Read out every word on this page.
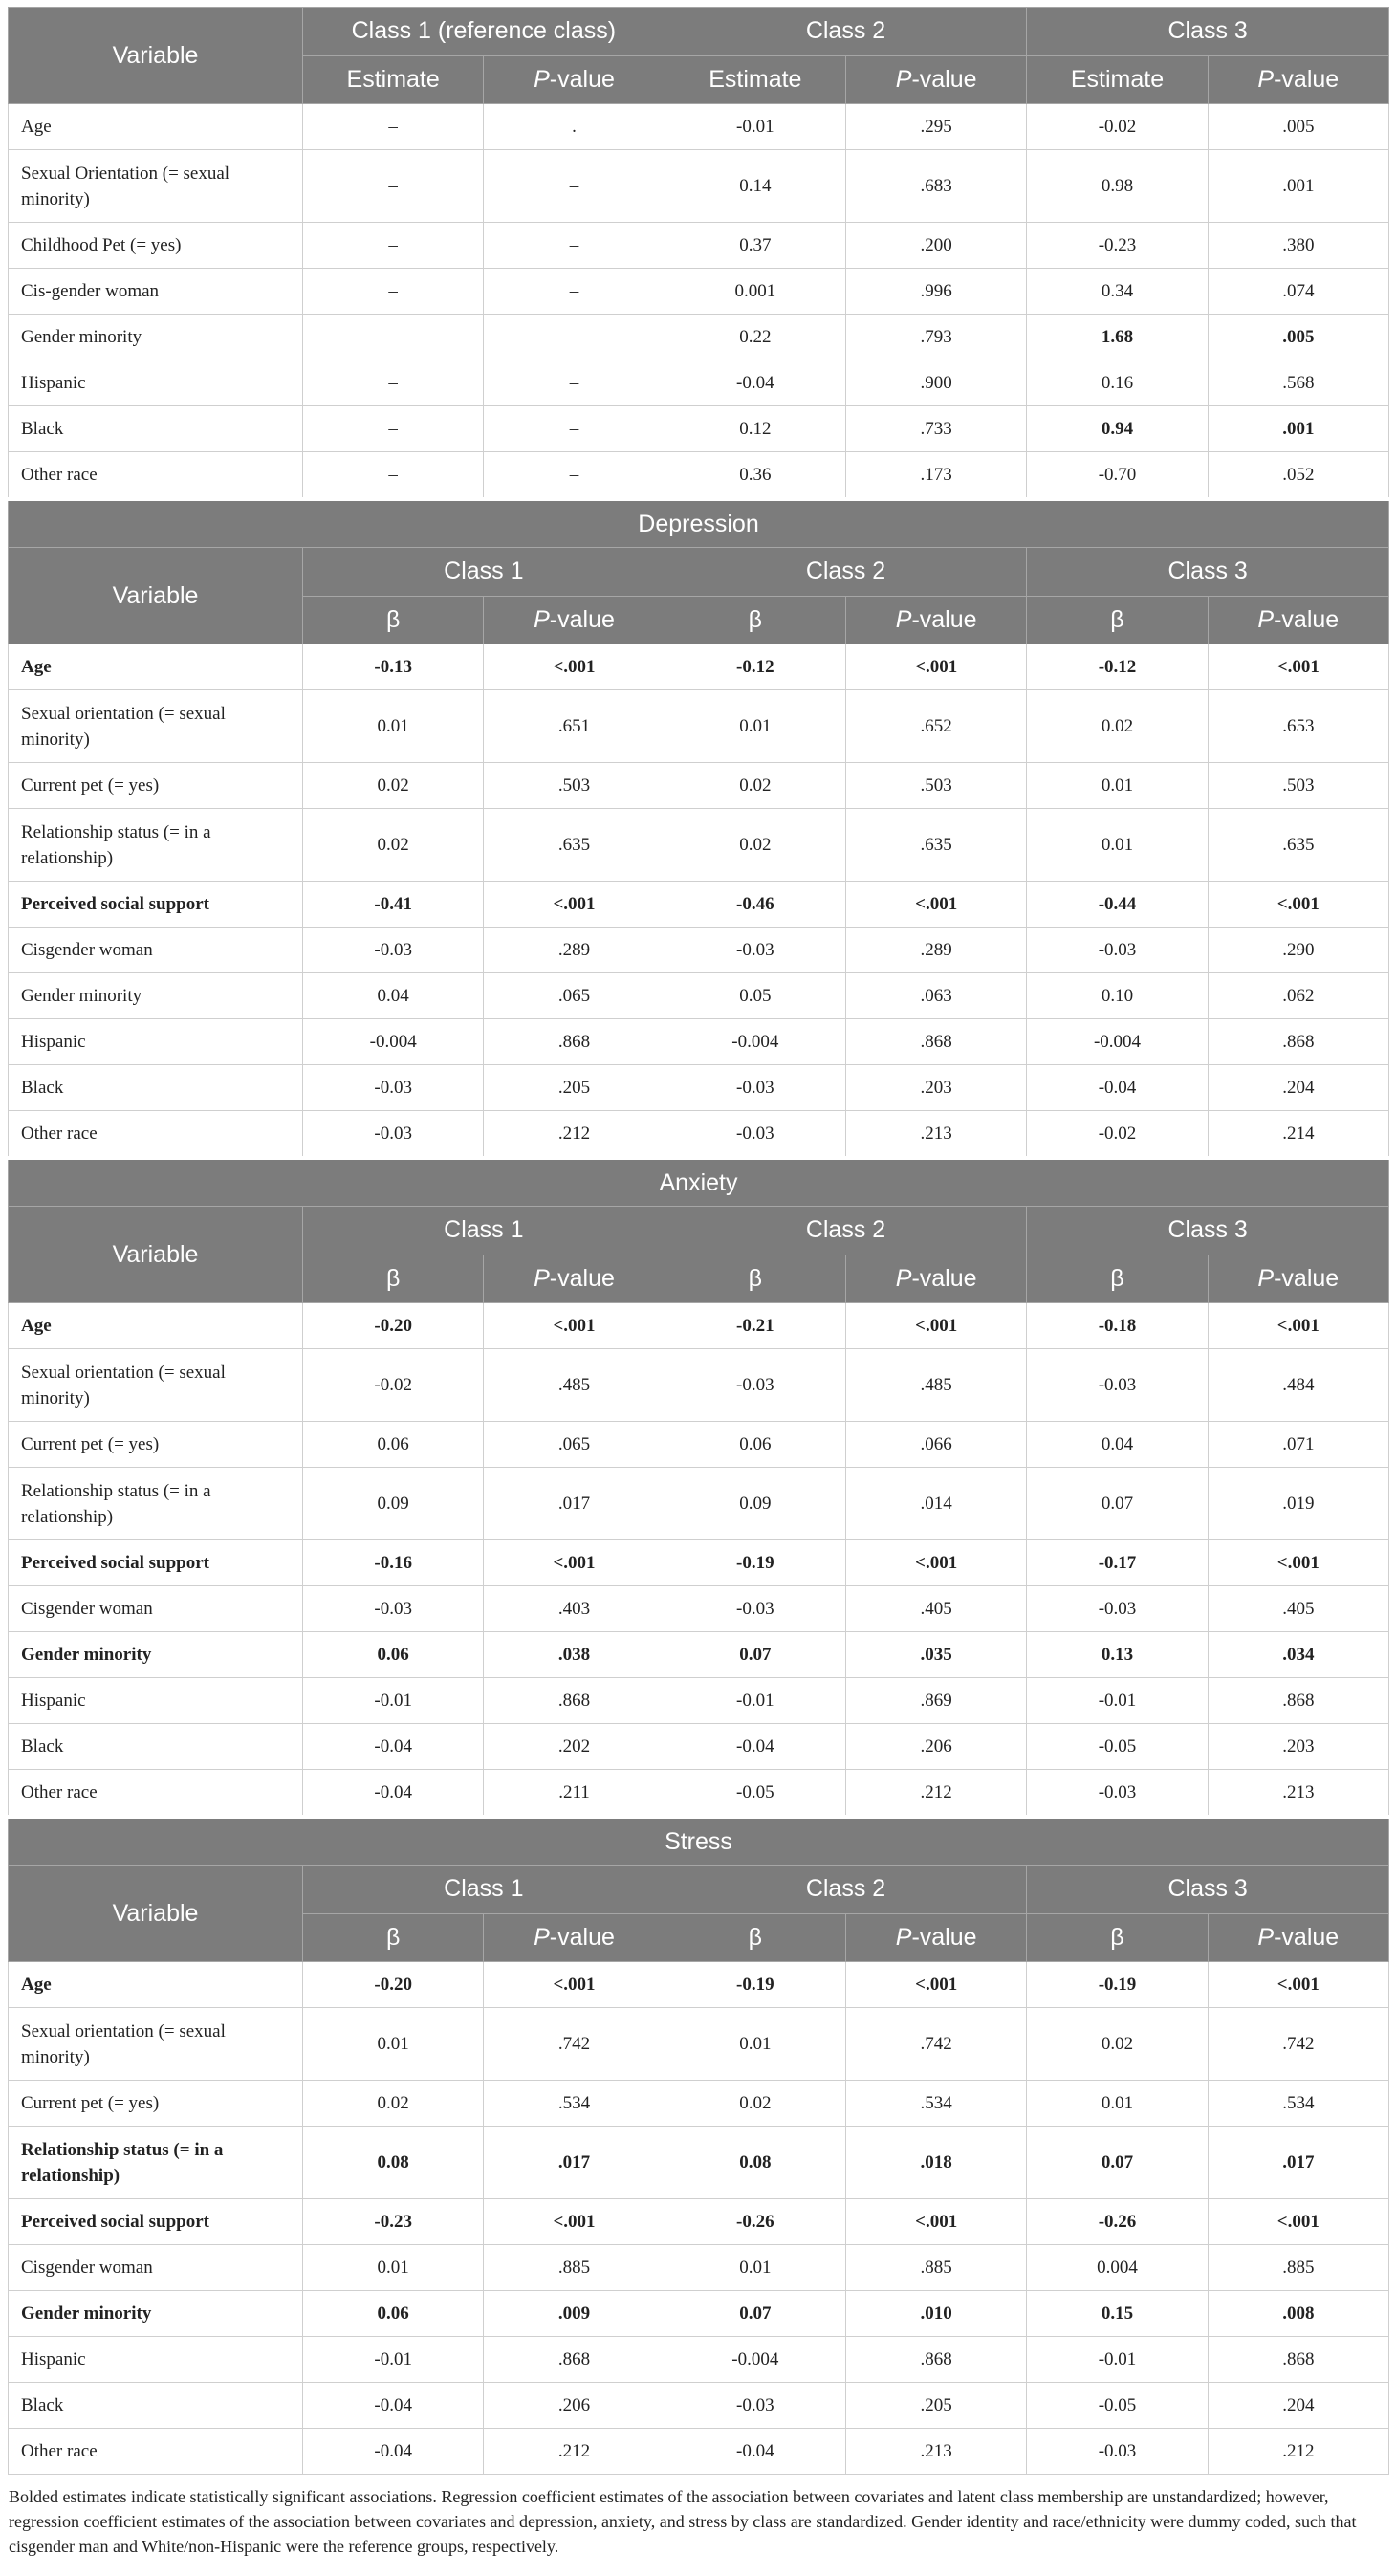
Variable	Class 1 (reference class)		Class 2		Class 3	
	Estimate	P-value	Estimate	P-value	Estimate	P-value
Age	–	.	-0.01	.295	-0.02	.005
Sexual Orientation (= sexual minority)	–	–	0.14	.683	0.98	.001
Childhood Pet (= yes)	–	–	0.37	.200	-0.23	.380
Cis-gender woman	–	–	0.001	.996	0.34	.074
Gender minority	–	–	0.22	.793	1.68	.005
Hispanic	–	–	-0.04	.900	0.16	.568
Black	–	–	0.12	.733	0.94	.001
Other race	–	–	0.36	.173	-0.70	.052
Depression						
Variable	Class 1		Class 2		Class 3	
	β	P-value	β	P-value	β	P-value
Age	-0.13	<.001	-0.12	<.001	-0.12	<.001
Sexual orientation (= sexual minority)	0.01	.651	0.01	.652	0.02	.653
Current pet (= yes)	0.02	.503	0.02	.503	0.01	.503
Relationship status (= in a relationship)	0.02	.635	0.02	.635	0.01	.635
Perceived social support	-0.41	<.001	-0.46	<.001	-0.44	<.001
Cisgender woman	-0.03	.289	-0.03	.289	-0.03	.290
Gender minority	0.04	.065	0.05	.063	0.10	.062
Hispanic	-0.004	.868	-0.004	.868	-0.004	.868
Black	-0.03	.205	-0.03	.203	-0.04	.204
Other race	-0.03	.212	-0.03	.213	-0.02	.214
Anxiety						
Variable	Class 1		Class 2		Class 3	
	β	P-value	β	P-value	β	P-value
Age	-0.20	<.001	-0.21	<.001	-0.18	<.001
Sexual orientation (= sexual minority)	-0.02	.485	-0.03	.485	-0.03	.484
Current pet (= yes)	0.06	.065	0.06	.066	0.04	.071
Relationship status (= in a relationship)	0.09	.017	0.09	.014	0.07	.019
Perceived social support	-0.16	<.001	-0.19	<.001	-0.17	<.001
Cisgender woman	-0.03	.403	-0.03	.405	-0.03	.405
Gender minority	0.06	.038	0.07	.035	0.13	.034
Hispanic	-0.01	.868	-0.01	.869	-0.01	.868
Black	-0.04	.202	-0.04	.206	-0.05	.203
Other race	-0.04	.211	-0.05	.212	-0.03	.213
Stress						
Variable	Class 1		Class 2		Class 3	
	β	P-value	β	P-value	β	P-value
Age	-0.20	<.001	-0.19	<.001	-0.19	<.001
Sexual orientation (= sexual minority)	0.01	.742	0.01	.742	0.02	.742
Current pet (= yes)	0.02	.534	0.02	.534	0.01	.534
Relationship status (= in a relationship)	0.08	.017	0.08	.018	0.07	.017
Perceived social support	-0.23	<.001	-0.26	<.001	-0.26	<.001
Cisgender woman	0.01	.885	0.01	.885	0.004	.885
Gender minority	0.06	.009	0.07	.010	0.15	.008
Hispanic	-0.01	.868	-0.004	.868	-0.01	.868
Black	-0.04	.206	-0.03	.205	-0.05	.204
Other race	-0.04	.212	-0.04	.213	-0.03	.212

Bolded estimates indicate statistically significant associations. Regression coefficient estimates of the association between covariates and latent class membership are unstandardized; however, regression coefficient estimates of the association between covariates and depression, anxiety, and stress by class are standardized. Gender identity and race/ethnicity were dummy coded, such that cisgender man and White/non-Hispanic were the reference groups, respectively.
